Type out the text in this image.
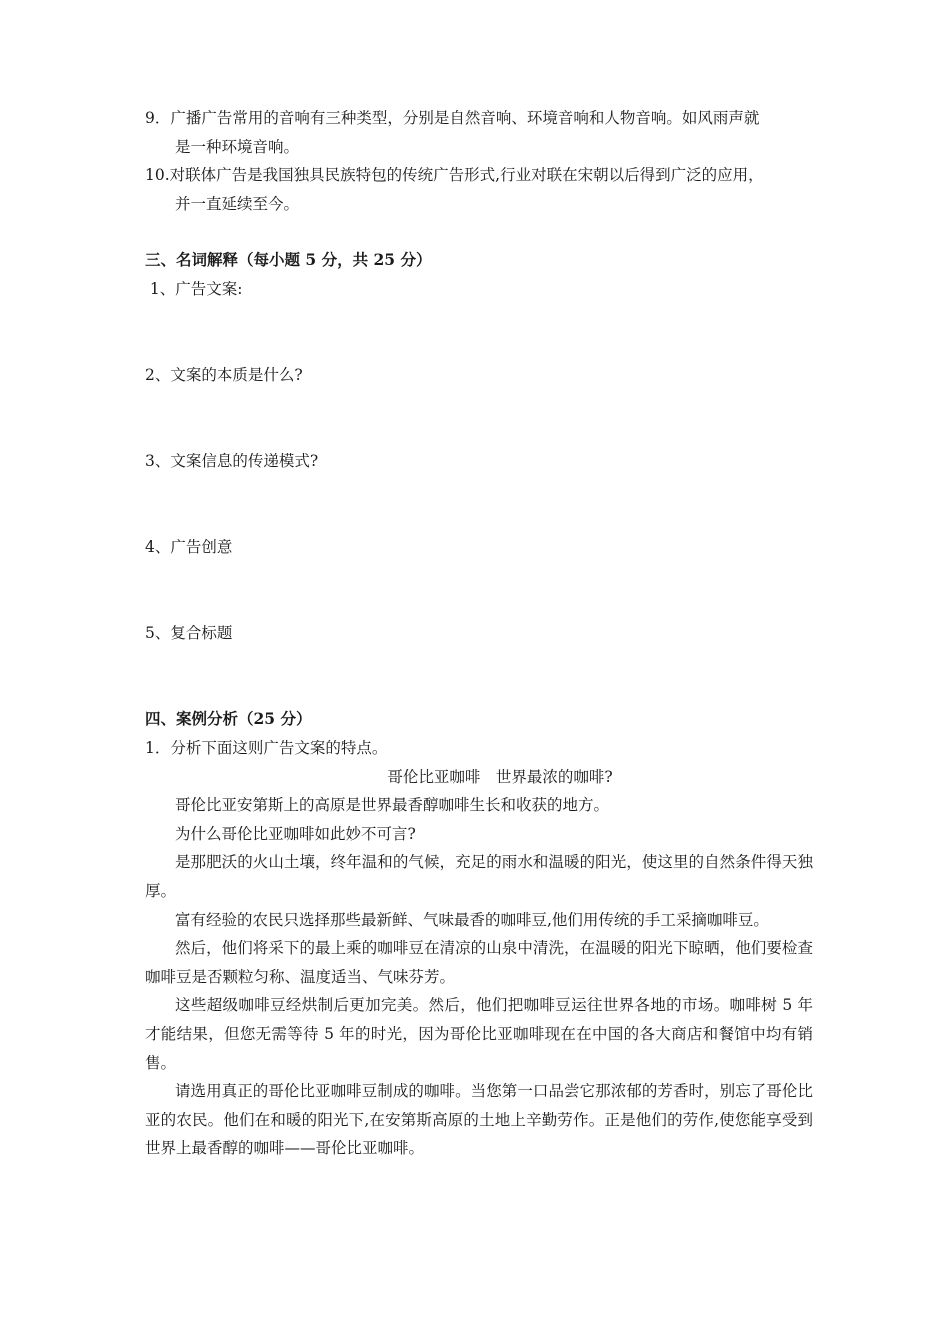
9．广播广告常用的音响有三种类型，分别是自然音响、环境音响和人物音响。如风雨声就
是一种环境音响。
10.对联体广告是我国独具民族特包的传统广告形式,行业对联在宋朝以后得到广泛的应用，
并一直延续至今。

三、名词解释（每小题 5 分，共 25 分）

1、广告文案:

2、文案的本质是什么?

3、文案信息的传递模式?

4、广告创意

5、复合标题

四、案例分析（25 分）

1．分析下面这则广告文案的特点。

哥伦比亚咖啡　世界最浓的咖啡?

哥伦比亚安第斯上的高原是世界最香醇咖啡生长和收获的地方。

为什么哥伦比亚咖啡如此妙不可言?

是那肥沃的火山土壤，终年温和的气候，充足的雨水和温暖的阳光，使这里的自然条件得天独厚。

富有经验的农民只选择那些最新鲜、气味最香的咖啡豆,他们用传统的手工采摘咖啡豆。

然后，他们将采下的最上乘的咖啡豆在清凉的山泉中清洗，在温暖的阳光下晾晒，他们要检查咖啡豆是否颗粒匀称、温度适当、气味芬芳。

这些超级咖啡豆经烘制后更加完美。然后，他们把咖啡豆运往世界各地的市场。咖啡树 5 年才能结果，但您无需等待 5 年的时光，因为哥伦比亚咖啡现在在中国的各大商店和餐馆中均有销售。

请选用真正的哥伦比亚咖啡豆制成的咖啡。当您第一口品尝它那浓郁的芳香时，别忘了哥伦比亚的农民。他们在和暖的阳光下,在安第斯高原的土地上辛勤劳作。正是他们的劳作,使您能享受到世界上最香醇的咖啡——哥伦比亚咖啡。
